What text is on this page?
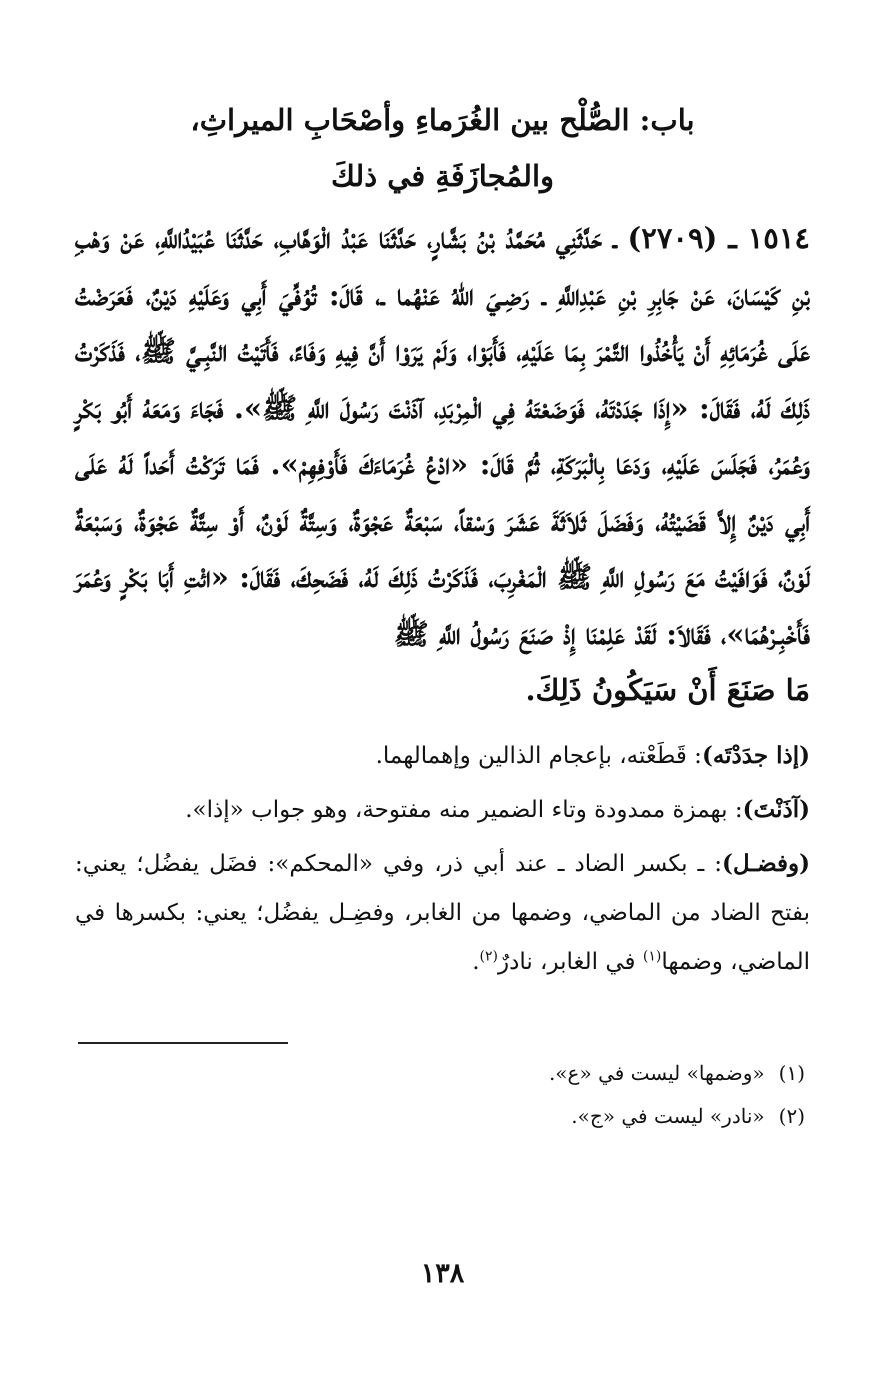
باب: الصُّلْح بين الغُرَماءِ وأصْحَابِ الميراثِ،
والمُجازَفَةِ في ذلكَ

١٥١٤ ـ (٢٧٠٩) ـ حَدَّثَنِي مُحَمَّدُ بْنُ بَشَّارٍ، حَدَّثَنَا عَبْدُ الْوَهَّابِ، حَدَّثَنَا عُبَيْدُاللَّهِ، عَنْ وَهْبِ بْنِ كَيْسَانَ، عَنْ جَابِرِ بْنِ عَبْدِاللَّهِ ـ رَضِـيَ اللهُ عَنْهُما ـ، قَالَ: تُوُفِّيَ أَبِي وَعَلَيْهِ دَيْنٌ، فَعَرَضْتُ عَلَى غُرَمَائِهِ أَنْ يَأْخُذُوا التَّمْرَ بِمَا عَلَيْهِ، فَأَبَوْا، وَلَمْ يَرَوْا أَنَّ فِيهِ وَفَاءً، فَأَتَيْتُ النَّبِـيَّ ﷺ، فَذَكَرْتُ ذَلِكَ لَهُ، فَقَالَ: «إِذَا جَدَدْتَهُ، فَوَضَعْتَهُ فِي الْمِرْبَدِ، آذَنْتَ رَسُولَ اللَّهِ ﷺ». فَجَاءَ وَمَعَهُ أَبُو بَكْرٍ وَعُمَرُ، فَجَلَسَ عَلَيْهِ، وَدَعَا بِالْبَرَكَةِ، ثُمَّ قَالَ: «ادْعُ غُرَمَاءَكَ فَأَوْفِهِمْ». فَمَا تَرَكْتُ أَحَداً لَهُ عَلَى أَبِي دَيْنٌ إِلاَّ قَضَيْتُهُ، وَفَضَلَ ثَلاَثَةَ عَشَرَ وَسْقاً، سَبْعَةٌ عَجْوَةٌ، وَسِتَّةٌ لَوْنٌ، أَوْ سِتَّةٌ عَجْوَةٌ، وَسَبْعَةٌ لَوْنٌ، فَوَافَيْتُ مَعَ رَسُولِ اللَّهِ ﷺ الْمَغْرِبَ، فَذَكَرْتُ ذَلِكَ لَهُ، فَضَحِكَ، فَقَالَ: «ائْتِ أَبَا بَكْرٍ وَعُمَرَ فَأَخْبِـرْهُمَا»، فَقَالاَ: لَقَدْ عَلِمْنَا إِذْ صَنَعَ رَسُولُ اللَّهِ ﷺ
مَا صَنَعَ أَنْ سَيَكُونُ ذَلِكَ.

(إذا جدَدْتَه): قَطَعْته، بإعجام الذالين وإهمالهما.

(آذَنْتَ): بهمزة ممدودة وتاء الضمير منه مفتوحة، وهو جواب «إذا».

(وفضـل): ـ بكسر الضاد ـ عند أبي ذر، وفي «المحكم»: فضَل يفضُل؛ يعني: بفتح الضاد من الماضي، وضمها من الغابر، وفضِـل يفضُل؛ يعني: بكسرها في الماضي، وضمها$^{(١)}$ في الغابر، نادرٌ$^{(٢)}$.

(١)«وضمها» ليست في «ع».
(٢)«نادر» ليست في «ج».
١٣٨
